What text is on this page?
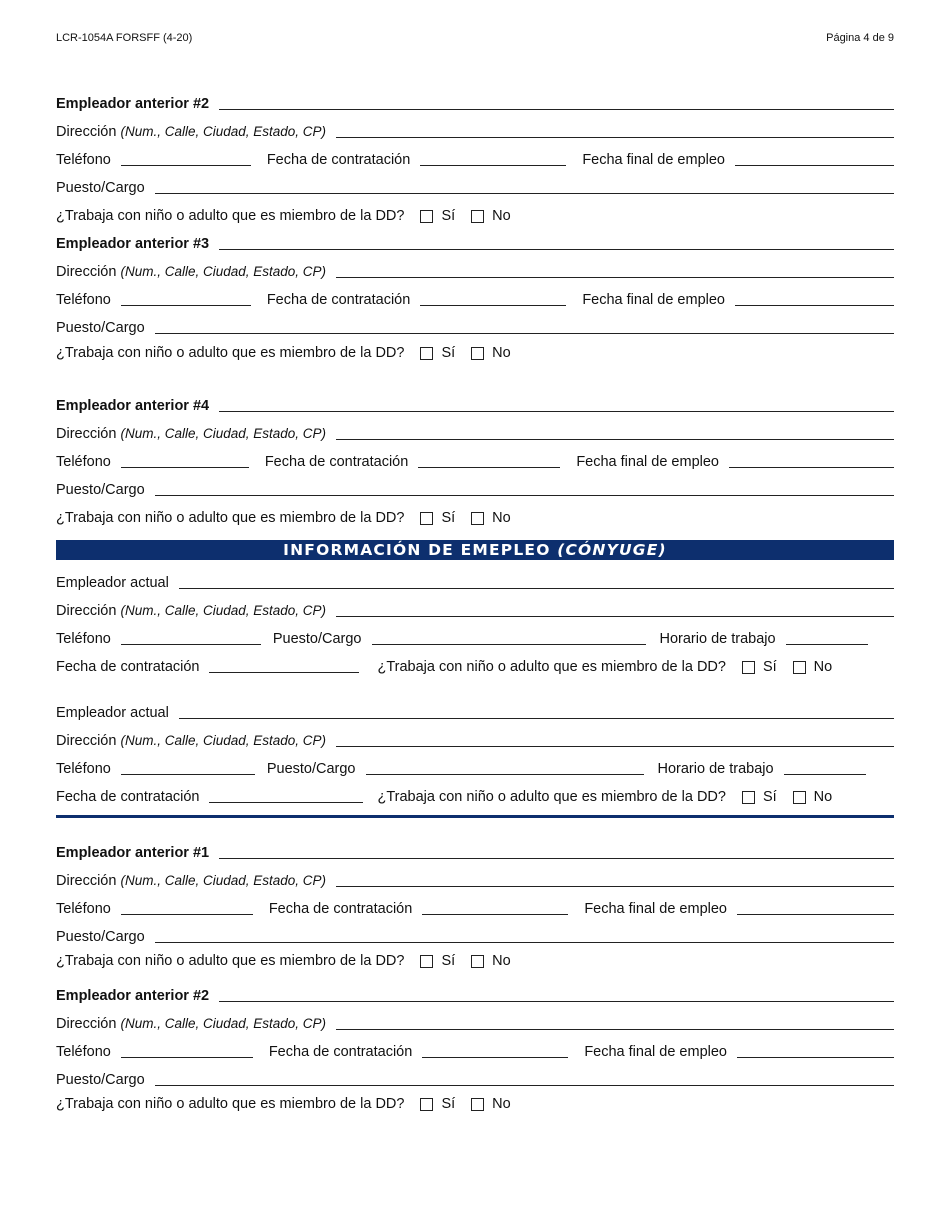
LCR-1054A FORSFF (4-20)	Página 4 de 9
Empleador anterior #2
Dirección (Num., Calle, Ciudad, Estado, CP)
Teléfono	Fecha de contratación	Fecha final de empleo
Puesto/Cargo
¿Trabaja con niño o adulto que es miembro de la DD?	Sí	No
Empleador anterior #3
Dirección (Num., Calle, Ciudad, Estado, CP)
Teléfono	Fecha de contratación	Fecha final de empleo
Puesto/Cargo
¿Trabaja con niño o adulto que es miembro de la DD?	Sí	No
Empleador anterior #4
Dirección (Num., Calle, Ciudad, Estado, CP)
Teléfono	Fecha de contratación	Fecha final de empleo
Puesto/Cargo
¿Trabaja con niño o adulto que es miembro de la DD?	Sí	No
INFORMACIÓN DE EMEPLEO (CÓNYUGE)
Empleador actual
Dirección (Num., Calle, Ciudad, Estado, CP)
Teléfono	Puesto/Cargo	Horario de trabajo
Fecha de contratación	¿Trabaja con niño o adulto que es miembro de la DD?	Sí	No
Empleador actual
Dirección (Num., Calle, Ciudad, Estado, CP)
Teléfono	Puesto/Cargo	Horario de trabajo
Fecha de contratación	¿Trabaja con niño o adulto que es miembro de la DD?	Sí	No
Empleador anterior #1
Dirección (Num., Calle, Ciudad, Estado, CP)
Teléfono	Fecha de contratación	Fecha final de empleo
Puesto/Cargo
¿Trabaja con niño o adulto que es miembro de la DD?	Sí	No
Empleador anterior #2
Dirección (Num., Calle, Ciudad, Estado, CP)
Teléfono	Fecha de contratación	Fecha final de empleo
Puesto/Cargo
¿Trabaja con niño o adulto que es miembro de la DD?	Sí	No
